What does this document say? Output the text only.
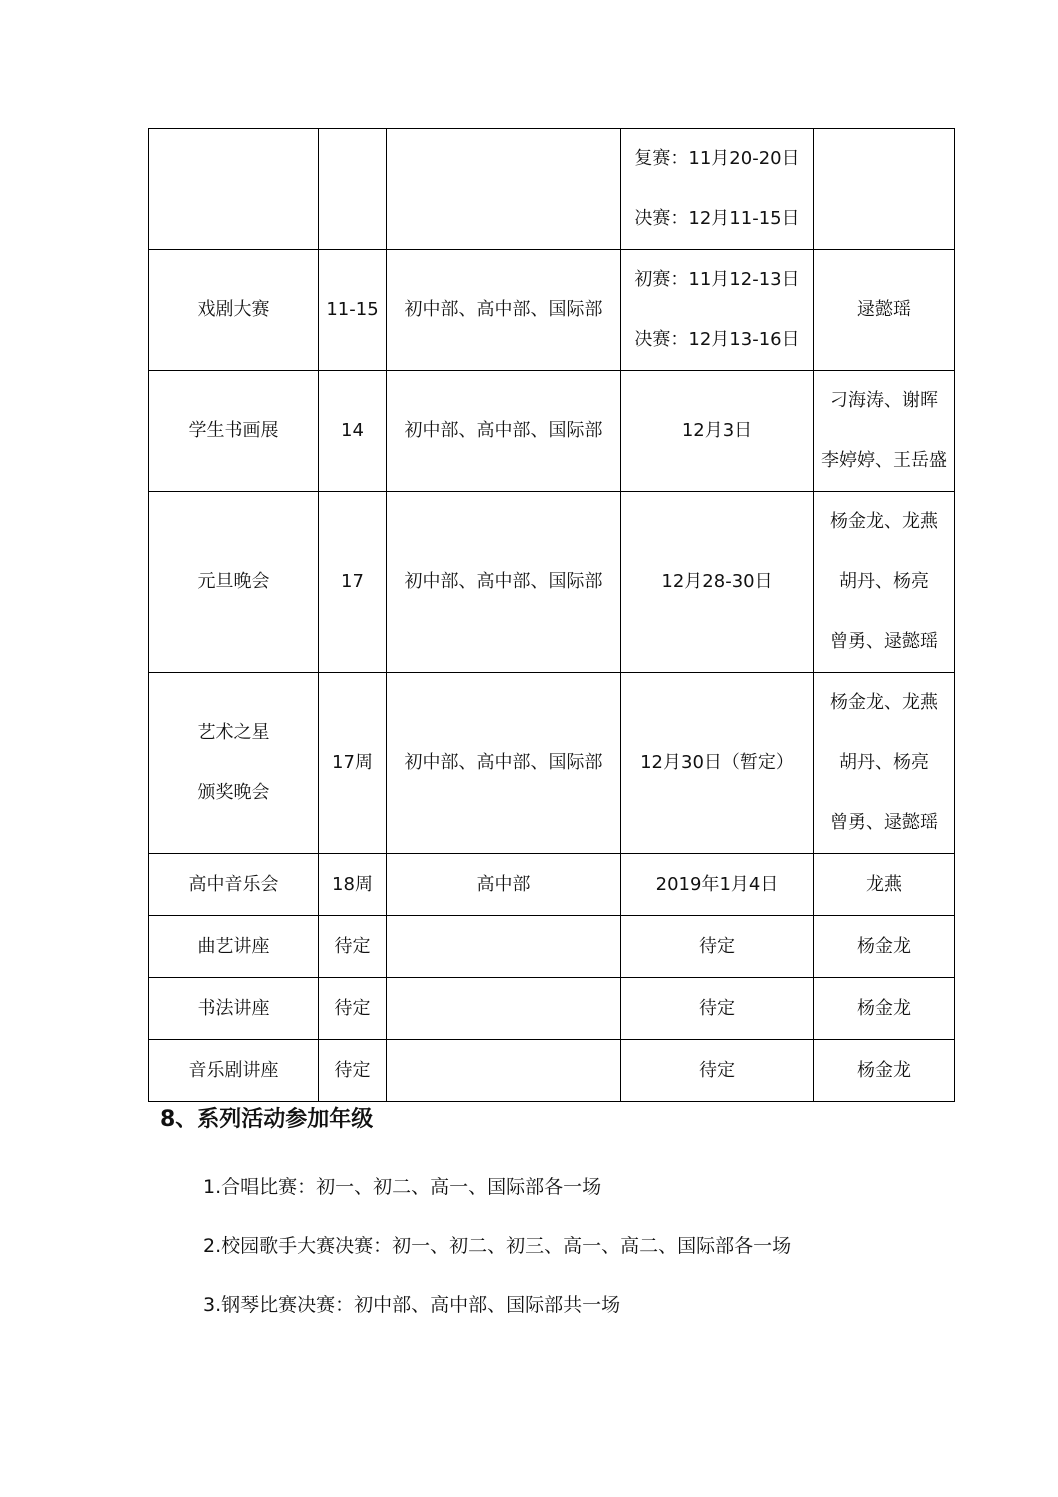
			复赛：11月20-20日
决赛：12月11-15日	

戏剧大赛	11-15	初中部、高中部、国际部	初赛：11月12-13日
决赛：12月13-16日	逯懿瑶

学生书画展	14	初中部、高中部、国际部	12月3日	刁海涛、谢晖
李婷婷、王岳盛

元旦晚会	17	初中部、高中部、国际部	12月28-30日	杨金龙、龙燕
胡丹、杨亮
曾勇、逯懿瑶

艺术之星
颁奖晚会	17周	初中部、高中部、国际部	12月30日（暂定）	杨金龙、龙燕
胡丹、杨亮
曾勇、逯懿瑶

高中音乐会	18周	高中部	2019年1月4日	龙燕

曲艺讲座	待定		待定	杨金龙

书法讲座	待定		待定	杨金龙

音乐剧讲座	待定		待定	杨金龙
8、系列活动参加年级

1.合唱比赛：初一、初二、高一、国际部各一场

2.校园歌手大赛决赛：初一、初二、初三、高一、高二、国际部各一场

3.钢琴比赛决赛：初中部、高中部、国际部共一场
